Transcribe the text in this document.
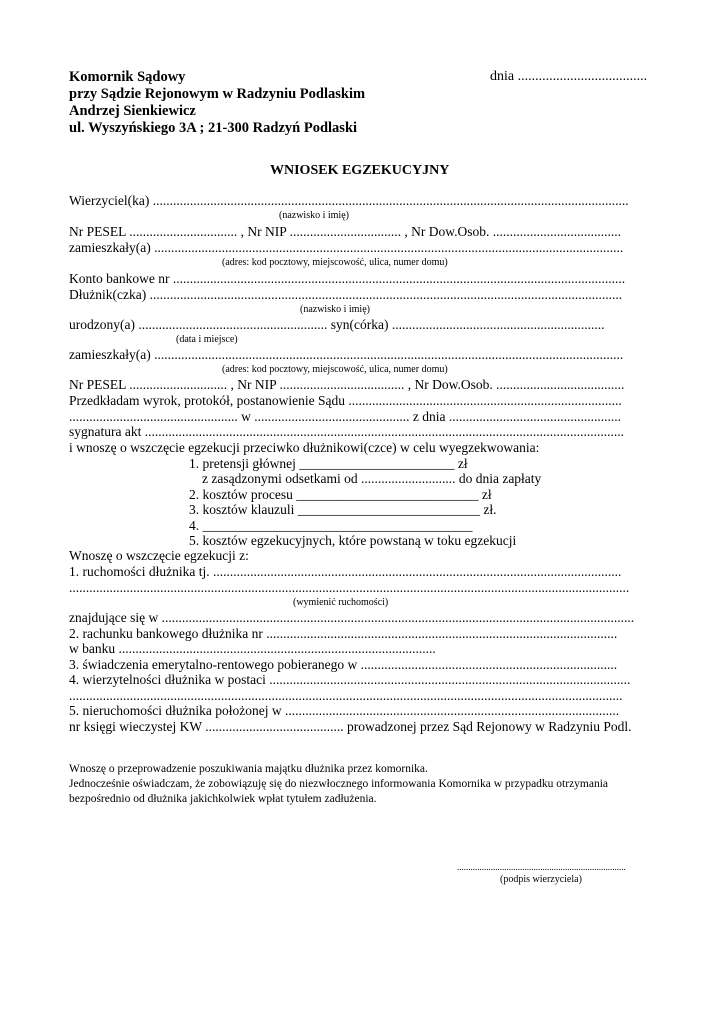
Komornik Sądowy
przy Sądzie Rejonowym w Radzyniu Podlaskim
Andrzej Sienkiewicz
ul. Wyszyńskiego 3A ; 21-300 Radzyń Podlaski
dnia .....................................
WNIOSEK EGZEKUCYJNY
Wierzyciel(ka) .............................................................................................................................................
(nazwisko i imię)
Nr PESEL ................................ , Nr NIP ................................. , Nr Dow.Osob. ......................................
zamieszkały(a) ...........................................................................................................................................
(adres: kod pocztowy, miejscowość, ulica, numer domu)
Konto bankowe nr ......................................................................................................................................
Dłużnik(czka) ............................................................................................................................................
(nazwisko i imię)
urodzony(a) ........................................................ syn(córka) ...............................................................
(data i miejsce)
zamieszkały(a) ...........................................................................................................................................
(adres: kod pocztowy, miejscowość, ulica, numer domu)
Nr PESEL ............................. , Nr NIP ..................................... , Nr Dow.Osob. ......................................
Przedkładam wyrok, protokół, postanowienie Sądu .................................................................................
.................................................. w .............................................. z dnia ...................................................
sygnatura akt ..............................................................................................................................................
i wnoszę o wszczęcie egzekucji przeciwko dłużnikowi(czce) w celu wyegzekwowania:
1. pretensji głównej _______________________ zł
z zasądzonymi odsetkami od ............................ do dnia zapłaty
2. kosztów procesu ___________________________ zł
3. kosztów klauzuli ___________________________ zł.
4. ________________________________________
5. kosztów egzekucyjnych, które powstaną w toku egzekucji
Wnoszę o wszczęcie egzekucji z:
1. ruchomości dłużnika tj. .........................................................................................................................
......................................................................................................................................................................
(wymienić ruchomości)
znajdujące się w ............................................................................................................................................
2. rachunku bankowego dłużnika nr ........................................................................................................
w banku ..............................................................................................
3. świadczenia emerytalno-rentowego pobieranego w ............................................................................
4. wierzytelności dłużnika w postaci ...........................................................................................................
....................................................................................................................................................................
5. nieruchomości dłużnika położonej w ...................................................................................................
nr księgi wieczystej KW ......................................... prowadzonej przez Sąd Rejonowy w Radzyniu Podl.
Wnoszę o przeprowadzenie poszukiwania majątku dłużnika przez komornika.
Jednocześnie oświadczam, że zobowiązuję się do niezwłocznego informowania Komornika w przypadku otrzymania
bezpośrednio od dłużnika jakichkolwiek wpłat tytułem zadłużenia.
...........................................................................
(podpis wierzyciela)
